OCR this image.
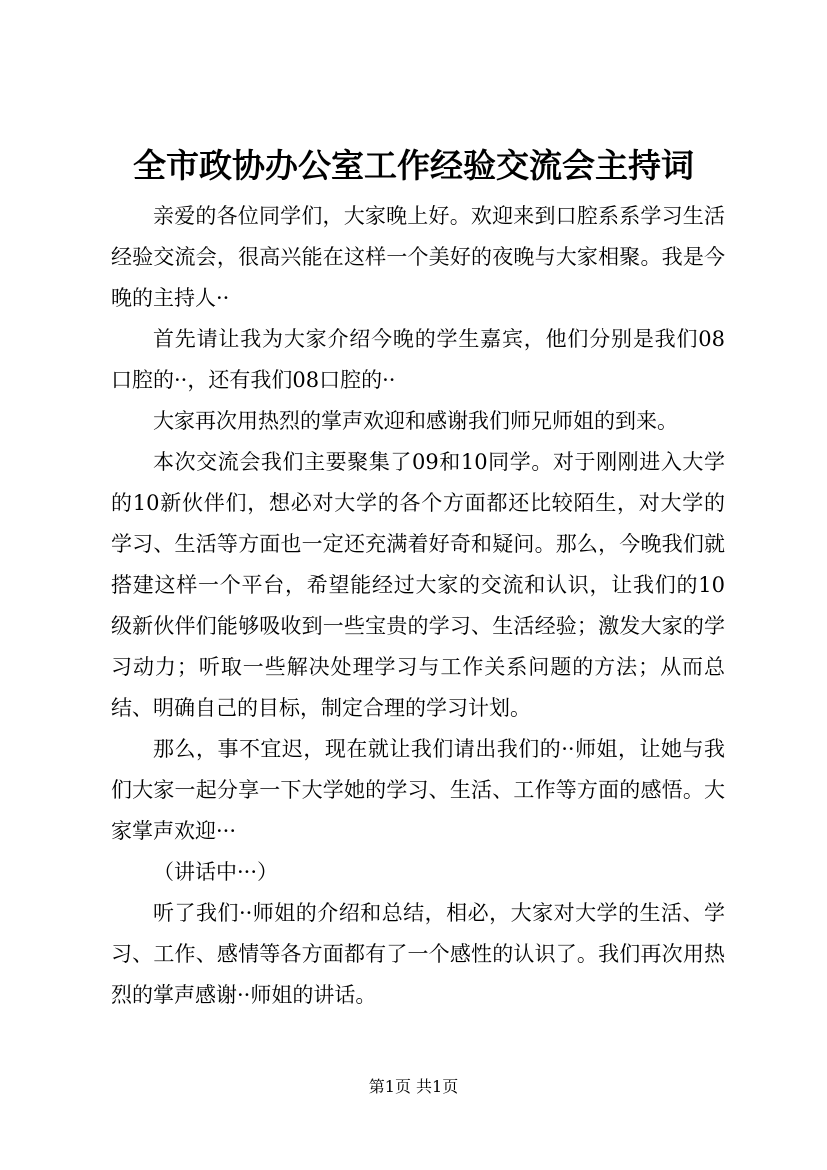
全市政协办公室工作经验交流会主持词

亲爱的各位同学们，大家晚上好。欢迎来到口腔系系学习生活经验交流会，很高兴能在这样一个美好的夜晚与大家相聚。我是今晚的主持人··

首先请让我为大家介绍今晚的学生嘉宾，他们分别是我们08口腔的··，还有我们08口腔的··

大家再次用热烈的掌声欢迎和感谢我们师兄师姐的到来。

本次交流会我们主要聚集了09和10同学。对于刚刚进入大学的10新伙伴们，想必对大学的各个方面都还比较陌生，对大学的学习、生活等方面也一定还充满着好奇和疑问。那么，今晚我们就搭建这样一个平台，希望能经过大家的交流和认识，让我们的10级新伙伴们能够吸收到一些宝贵的学习、生活经验；激发大家的学习动力；听取一些解决处理学习与工作关系问题的方法；从而总结、明确自己的目标，制定合理的学习计划。

那么，事不宜迟，现在就让我们请出我们的··师姐，让她与我们大家一起分享一下大学她的学习、生活、工作等方面的感悟。大家掌声欢迎···

（讲话中···）

听了我们··师姐的介绍和总结，相必，大家对大学的生活、学习、工作、感情等各方面都有了一个感性的认识了。我们再次用热烈的掌声感谢··师姐的讲话。

第1页 共1页
